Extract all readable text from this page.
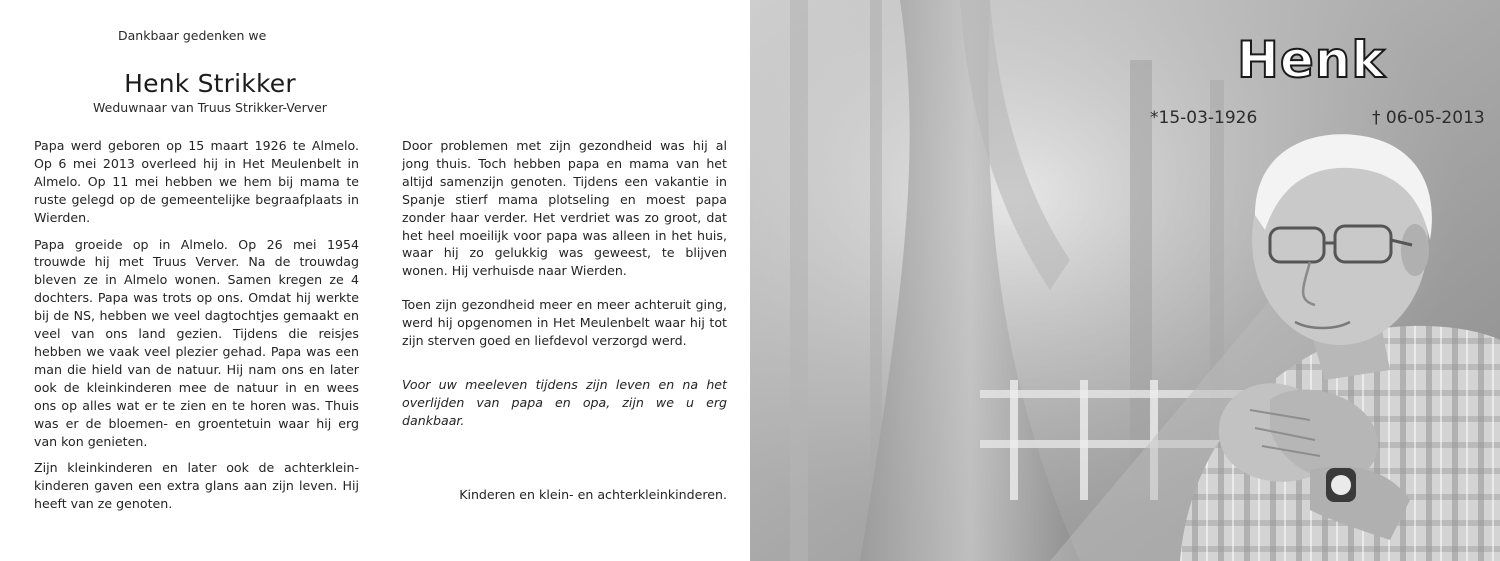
Dankbaar gedenken we
Henk Strikker
Weduwnaar van Truus Strikker-Verver

Papa werd geboren op 15 maart 1926 te Almelo. Op 6 mei 2013 overleed hij in Het Meulenbelt in Almelo. Op 11 mei hebben we hem bij mama te ruste gelegd op de gemeentelijke begraafplaats in Wierden.

Papa groeide op in Almelo. Op 26 mei 1954 trouwde hij met Truus Verver. Na de trouwdag bleven ze in Almelo wonen. Samen kregen ze 4 dochters. Papa was trots op ons. Omdat hij werkte bij de NS, hebben we veel dagtochtjes gemaakt en veel van ons land gezien. Tijdens die reisjes hebben we vaak veel plezier gehad. Papa was een man die hield van de natuur. Hij nam ons en later ook de kleinkinderen mee de natuur in en wees ons op alles wat er te zien en te horen was. Thuis was er de bloemen- en groentetuin waar hij erg van kon genieten.

Zijn kleinkinderen en later ook de achterklein-kinderen gaven een extra glans aan zijn leven. Hij heeft van ze genoten.

Door problemen met zijn gezondheid was hij al jong thuis. Toch hebben papa en mama van het altijd samenzijn genoten. Tijdens een vakantie in Spanje stierf mama plotseling en moest papa zonder haar verder. Het verdriet was zo groot, dat het heel moeilijk voor papa was alleen in het huis, waar hij zo gelukkig was geweest, te blijven wonen. Hij verhuisde naar Wierden.

Toen zijn gezondheid meer en meer achteruit ging, werd hij opgenomen in Het Meulenbelt waar hij tot zijn sterven goed en liefdevol verzorgd werd.

Voor uw meeleven tijdens zijn leven en na het overlijden van papa en opa, zijn we u erg dankbaar.

Kinderen en klein- en achterkleinkinderen.
Henk
*15-03-1926	† 06-05-2013
